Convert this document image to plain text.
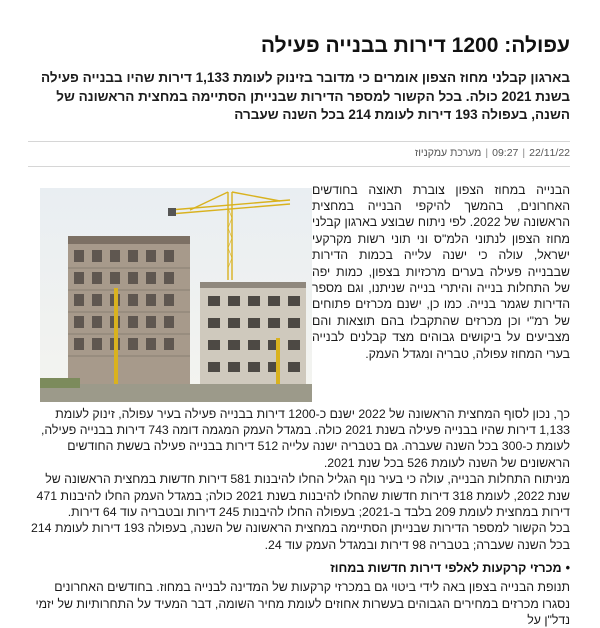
עפולה: 1200 דירות בבנייה פעילה

בארגון קבלני מחוז הצפון אומרים כי מדובר בזינוק לעומת 1,133 דירות שהיו בבנייה פעילה בשנת 2021 כולה. בכל הקשור למספר הדירות שבנייתן הסתיימה במחצית הראשונה של השנה, בעפולה 193 דירות לעומת 214 בכל השנה שעברה

22/11/22|09:27|מערכת עמקניוז

הבנייה במחוז הצפון צוברת תאוצה בחודשים האחרונים, בהמשך להיקפי הבנייה במחצית הראשונה של 2022. לפי ניתוח שבוצע בארגון קבלני מחוז הצפון לנתוני הלמ"ס וני תוני רשות מקרקעי ישראל, עולה כי ישנה עלייה בכמות הדירות שבבנייה פעילה בערים מרכזיות בצפון, כמות יפה של התחלות בנייה והיתרי בנייה שניתנו, וגם מספר הדירות שגמר בנייה. כמו כן, ישנם מכרזים פתוחים של רמ"י וכן מכרזים שהתקבלו בהם תוצאות והם מצביעים על ביקושים גבוהים מצד קבלנים לבנייה בערי המחוז עפולה, טבריה ומגדל העמק.

כך, נכון לסוף המחצית הראשונה של 2022 ישנם כ-1200 דירות בבנייה פעילה בעיר עפולה, זינוק לעומת 1,133 דירות שהיו בבנייה פעילה בשנת 2021 כולה. במגדל העמק המגמה דומה 743 דירות בבנייה פעילה, לעומת כ-300 בכל השנה שעברה. גם בטבריה ישנה עלייה 512 דירות בבנייה פעילה בששת החודשים הראשונים של השנה לעומת 526 בכל שנת 2021.

מניתוח התחלות הבנייה, עולה כי בעיר נוף הגליל החלו להיבנות 581 דירות חדשות במחצית הראשונה של שנת 2022, לעומת 318 דירות חדשות שהחלו להיבנות בשנת 2021 כולה; במגדל העמק החלו להיבנות 471 דירות במחצית לעומת 209 בלבד ב-2021; בעפולה החלו להיבנות 245 דירות ובטבריה עוד 64 דירות.

בכל הקשור למספר הדירות שבנייתן הסתיימה במחצית הראשונה של השנה, בעפולה 193 דירות לעומת 214 בכל השנה שעברה; בטבריה 98 דירות ובמגדל העמק עוד 24.

•מכרזי קרקעות לאלפי דירות חדשות במחוז

תנופת הבנייה בצפון באה לידי ביטוי גם במכרזי קרקעות של המדינה לבנייה במחוז. בחודשים האחרונים נסגרו מכרזים במחירים הגבוהים בעשרות אחוזים לעומת מחיר השומה, דבר המעיד על התחרותיות של יזמי נדל"ן על
